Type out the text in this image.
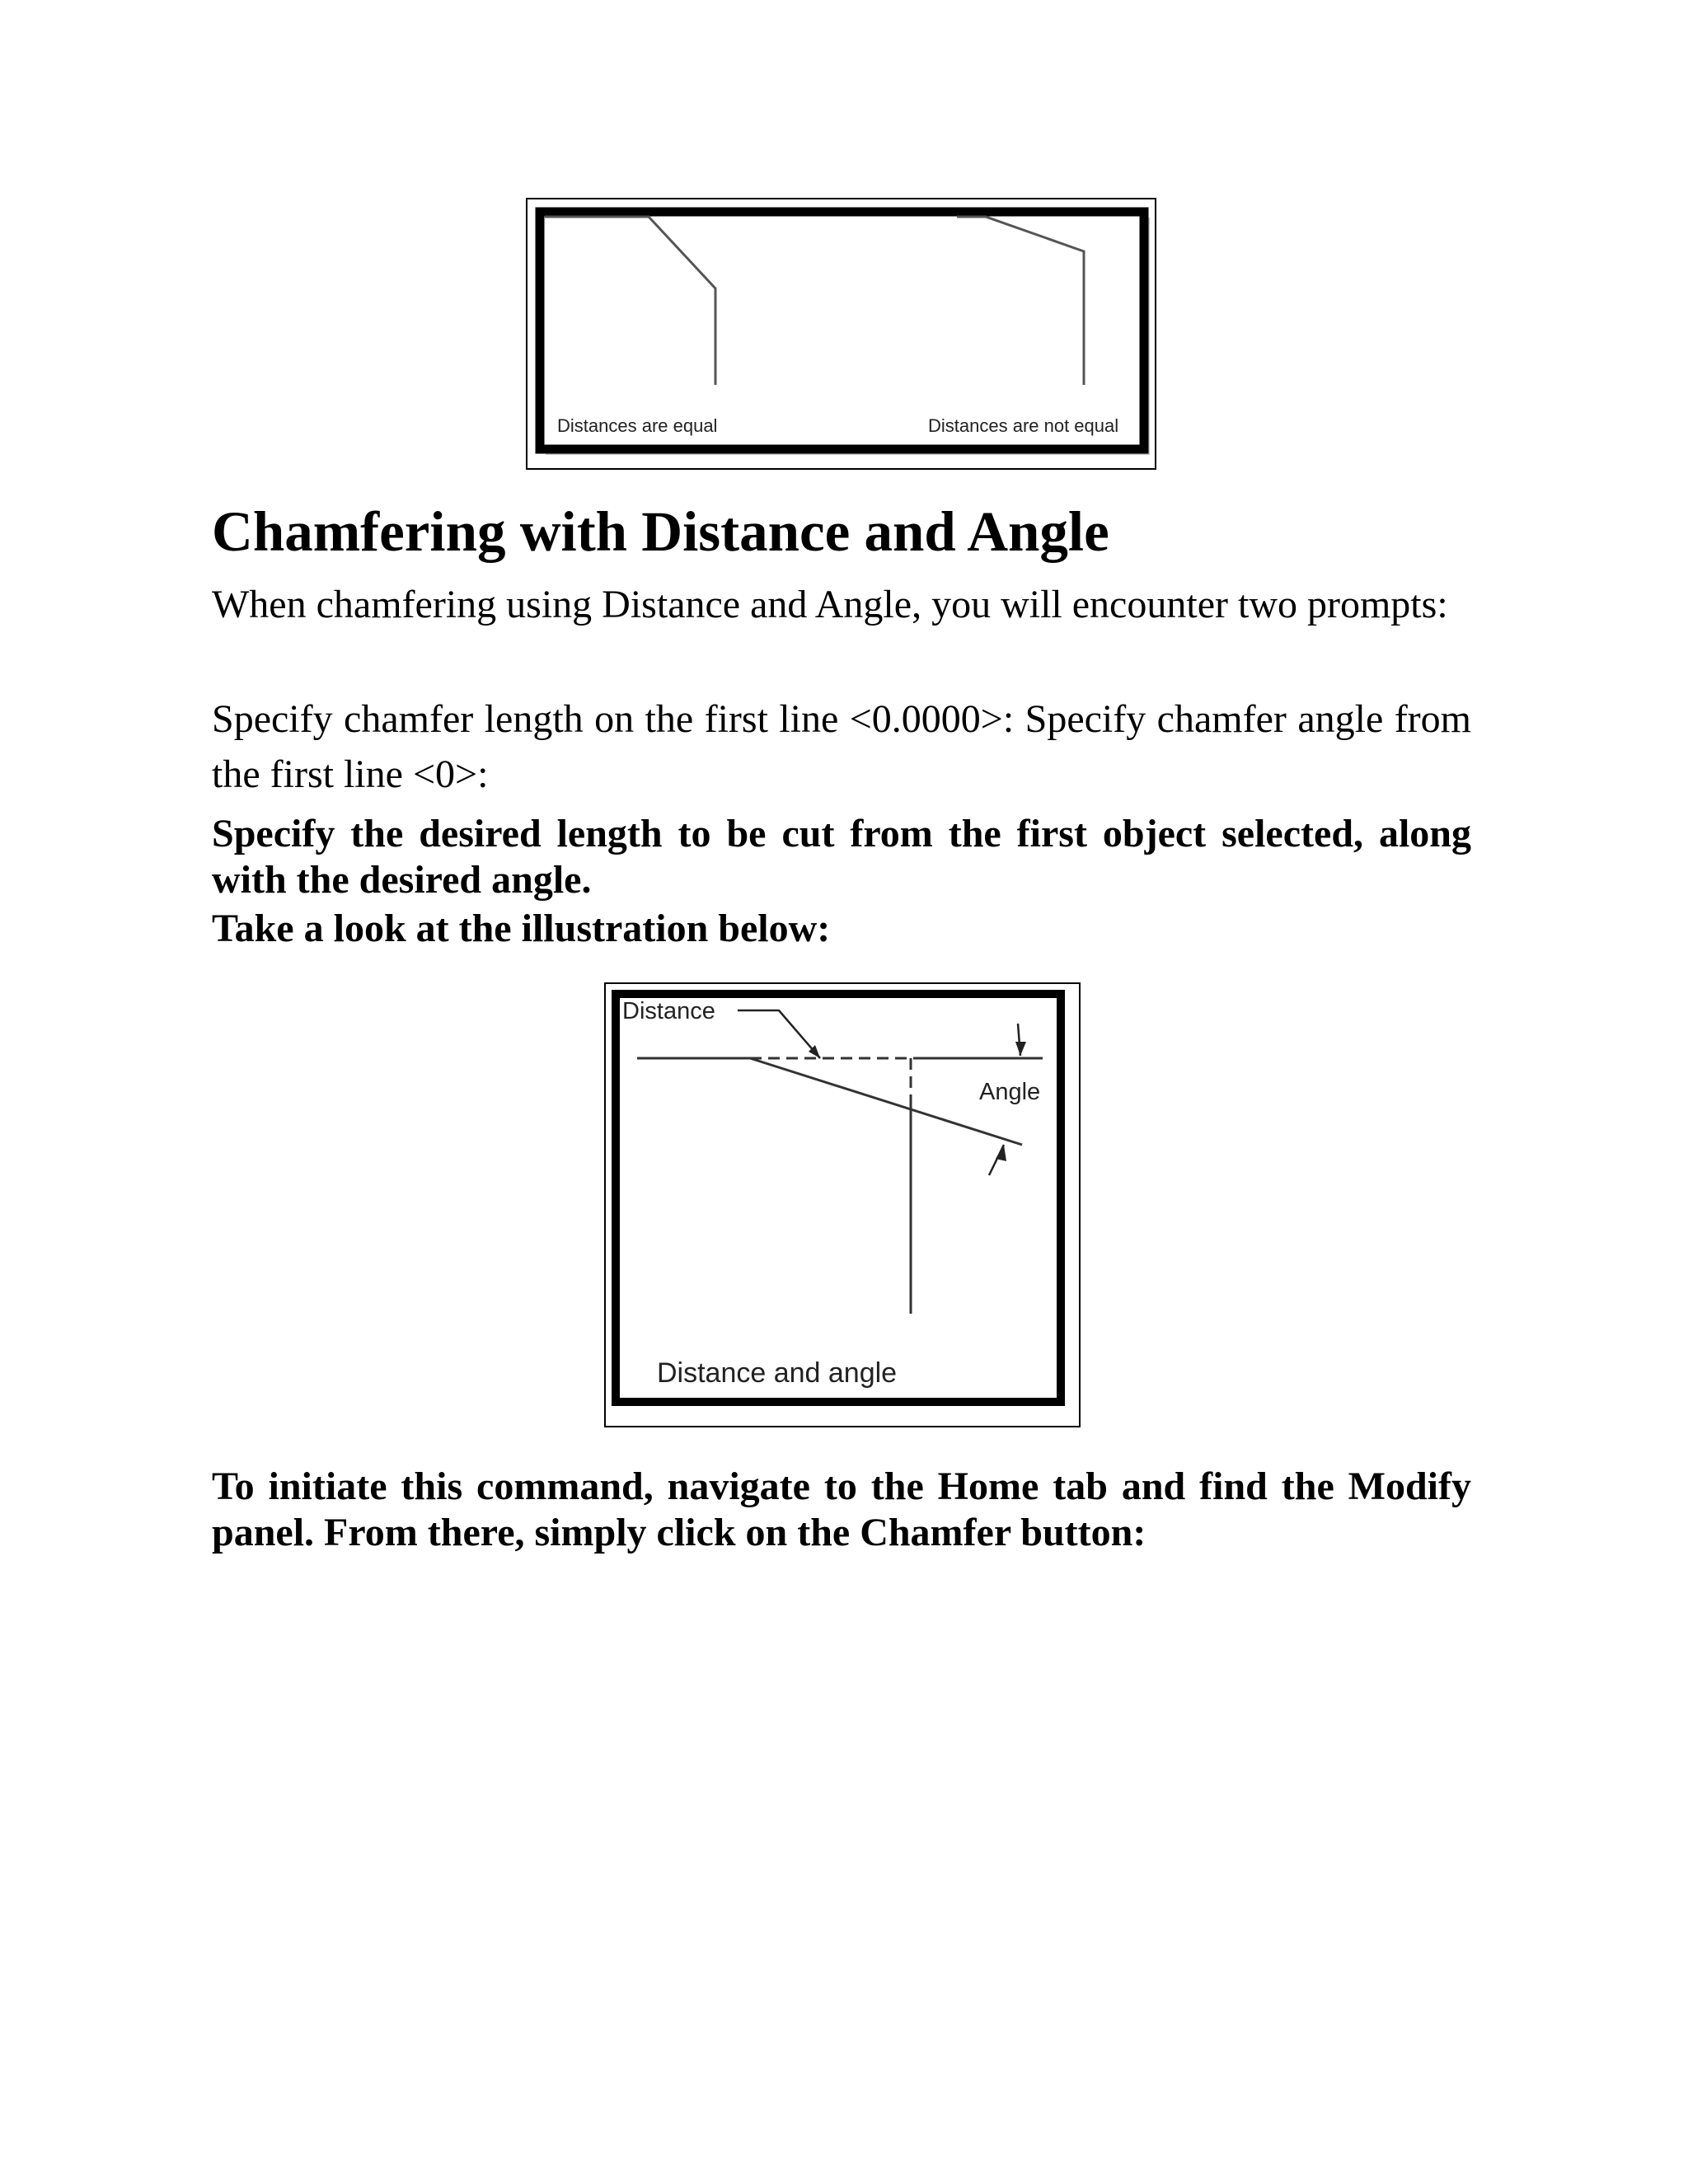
Distances are equal	Distances are not equal
Chamfering with Distance and Angle

When chamfering using Distance and Angle, you will encounter two prompts:

Specify chamfer length on the first line <0.0000>: Specify chamfer angle from the first line <0>:

Specify the desired length to be cut from the first object selected, along with the desired angle.

Take a look at the illustration below:

Distance
Angle
Distance and angle

To initiate this command, navigate to the Home tab and find the Modify panel. From there, simply click on the Chamfer button:
